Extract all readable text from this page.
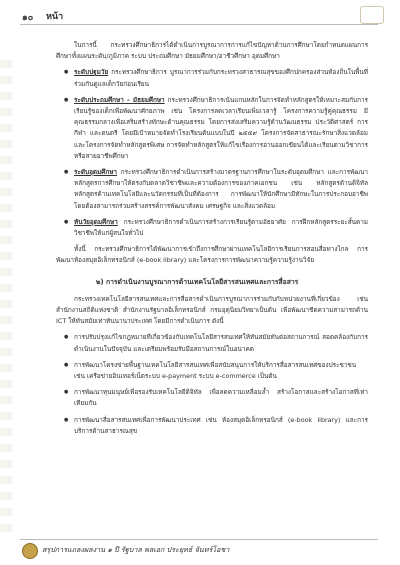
๑๐ หน้า

ในการนี้ กระทรวงศึกษาธิการได้ดำเนินการบูรณาการการแก้ไขปัญหาด้านการศึกษาโดยกำหนดแผนการศึกษาทั้งแผนระดับ/ภูมิภาค ระบบ ประถมศึกษา มัธยมศึกษา/อาชีวศึกษา อุดมศึกษา

● ระดับปฐมวัย กระทรวงศึกษาธิการ บูรณาการร่วมกับกระทรวงสาธารณสุขของศึกปกครองส่วนท้องถิ่นในพื้นที่ ร่วมกันดูแลเด็กวัยก่อนเรียน
● ระดับประถมศึกษา - มัธยมศึกษา กระทรวงศึกษาธิการเน้นแกนหลักในการจัดทำหลักสูตรให้เหมาะสมกับการเรียนรู้ของเด็กเพื่อพัฒนาศักยภาพ เช่น โครงการลดเวลาเรียนเพิ่มเวลารู้ โครงการความรู้คู่คุณธรรม มีคุณธรรมกลางเพื่อเสริมสร้างทักษะด้านคุณธรรม โดยการส่งเสริมความรู้ด้านวัฒนธรรม ประวัติศาสตร์ การกีฬา และดนตรี โดยมีเป้าหมายจัดทำโรงเรียนต้นแบบในปี ๒๕๕๙ โครงการจัดสาธารณะรักษาสิ่งแวดล้อม และโครงการจัดทำหลักสูตรพิเศษ การจัดทำหลักสูตรให้แก้ไขเรื่องการอ่านออกเขียนได้และเรียนตามวิชาการหรือสายอาชีพศึกษา
● ระดับอุดมศึกษา กระทรวงศึกษาธิการดำเนินการสร้างมาตรฐานการศึกษาในระดับอุดมศึกษา และการพัฒนาหลักสูตรการศึกษาให้ตรงกับตลาดวิชาชีพและความต้องการของภาคเอกชน เช่น หลักสูตรด้านดิจิทัล หลักสูตรด้านเทคโนโลยีและนวัตกรรมที่เป็นที่ต้องการ การพัฒนาให้นักศึกษามีทักษะในการประกอบอาชีพ โดยต้องสามารถร่วมสร้างสรรค์การพัฒนาสังคม เศรษฐกิจ และสิ่งแวดล้อม
● ทันวัยอุดมศึกษา กระทรวงศึกษาธิการดำเนินการสร้างการเรียนรู้ตามอัธยาศัย การฝึกหลักสูตรระยะสั้นตามวิชาชีพให้แก่ผู้สนใจทั่วไป

ทั้งนี้ กระทรวงศึกษาธิการได้พัฒนาการเข้าถึงการศึกษาผ่านเทคโนโลยีการเรียนการสอนสื่อทางไกล การพัฒนาห้องสมุดอิเล็กทรอนิกส์ (e-book library) และโครงการการพัฒนาความรู้ความรู้งานวิจัย

๒) การดำเนินงานบูรณาการด้านเทคโนโลยีสารสนเทศและการสื่อสาร

กระทรวงเทคโนโลยีสารสนเทศและการสื่อสารดำเนินการบูรณาการร่วมกับกับหน่วยงานที่เกี่ยวข้อง เช่น สำนักงานสถิติแห่งชาติ สำนักงานรัฐบาลอิเล็กทรอนิกส์ กรมอุตุนิยมวิทยาเป็นต้น เพื่อพัฒนาขีดความสามารถด้าน ICT ให้ทันสมัยเท่าทันนานาประเทศ โดยมีการดำเนินการ ดังนี้

● การปรับปรุงแก้ไขกฎหมายที่เกี่ยวข้องกับเทคโนโลยีสารสนเทศให้ทันสมัยทันต่อสถานการณ์ สอดคล้องกับการดำเนินงานในปัจจุบัน และเตรียมพร้อมรับมือสถานการณ์ในอนาคต
● การพัฒนาโครงข่ายพื้นฐานเทคโนโลยีสารสนเทศเพื่อสนับสนุนการให้บริการสื่อสารสนเทศของประชาชน เช่น เครือข่ายอินเทอร์เน็ตระบบ e-payment ระบบ e-commerce เป็นต้น
● การพัฒนาทุนมนุษย์เพื่อรองรับเทคโนโลยีดิจิทัล เพื่อลดความเหลื่อมล้ำ สร้างโอกาสและสร้างโอกาสที่เท่าเทียมกัน
● การพัฒนาสื่อสารสนเทศเพื่อการพัฒนาประเทศ เช่น ห้องสมุดอิเล็กทรอนิกส์ (e-book library) และการบริการด้านสาธารณสุข
สรุปการแถลงผลงาน ๑ ปี รัฐบาล พลเอก ประยุทธ์ จันทร์โอชา
